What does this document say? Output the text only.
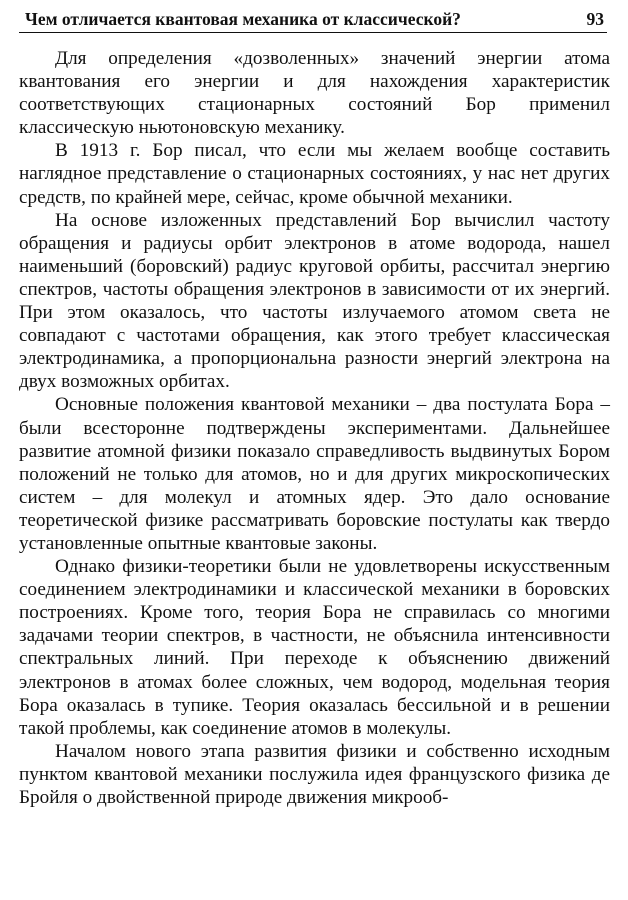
Чем отличается квантовая механика от классической?	93

Для определения «дозволенных» значений энергии атома квантования его энергии и для нахождения характеристик соответствующих стационарных состояний Бор применил классическую ньютоновскую механику.

В 1913 г. Бор писал, что если мы желаем вообще составить наглядное представление о стационарных состояниях, у нас нет других средств, по крайней мере, сейчас, кроме обычной механики.

На основе изложенных представлений Бор вычислил частоту обращения и радиусы орбит электронов в атоме водорода, нашел наименьший (боровский) радиус круговой орбиты, рассчитал энергию спектров, частоты обращения электронов в зависимости от их энергий. При этом оказалось, что частоты излучаемого атомом света не совпадают с частотами обращения, как этого требует классическая электродинамика, а пропорциональна разности энергий электрона на двух возможных орбитах.

Основные положения квантовой механики – два постулата Бора – были всесторонне подтверждены экспериментами. Дальнейшее развитие атомной физики показало справедливость выдвинутых Бором положений не только для атомов, но и для других микроскопических систем – для молекул и атомных ядер. Это дало основание теоретической физике рассматривать боровские постулаты как твердо установленные опытные квантовые законы.

Однако физики-теоретики были не удовлетворены искусственным соединением электродинамики и классической механики в боровских построениях. Кроме того, теория Бора не справилась со многими задачами теории спектров, в частности, не объяснила интенсивности спектральных линий. При переходе к объяснению движений электронов в атомах более сложных, чем водород, модельная теория Бора оказалась в тупике. Теория оказалась бессильной и в решении такой проблемы, как соединение атомов в молекулы.

Началом нового этапа развития физики и собственно исходным пунктом квантовой механики послужила идея французского физика де Бройля о двойственной природе движения микрооб-
